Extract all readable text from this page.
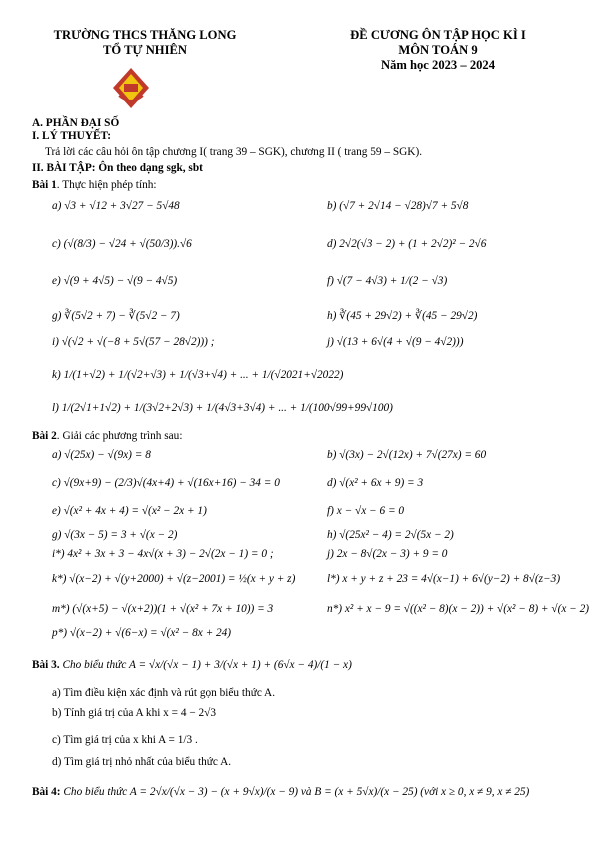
TRƯỜNG THCS THĂNG LONG
TỔ TỰ NHIÊN
ĐỀ CƯƠNG ÔN TẬP HỌC KÌ I
MÔN TOÁN 9
Năm học 2023 – 2024
A. PHẦN ĐẠI SỐ
I. LÝ THUYẾT:
Trả lời các câu hỏi ôn tập chương I( trang 39 – SGK), chương II ( trang 59 – SGK).
II. BÀI TẬP: Ôn theo dạng sgk, sbt
Bài 1. Thực hiện phép tính:
a) √3 + √12 + 3√27 − 5√48	b) (√7 + 2√14 − √28)√7 + 5√8
c) (√(8/3) − √24 + √(50/3)).√6	d) 2√2(√3 − 2) + (1 + 2√2)² − 2√6
e) √(9 + 4√5) − √(9 − 4√5)	f) √(7 − 4√3) + 1/(2 − √3)
g) ∛(5√2 + 7) − ∛(5√2 − 7)	h) ∛(45 + 29√2) + ∛(45 − 29√2)
i) √(√2 + √(−8 + 5√(57 − 28√2))) ;	j) √(13 + 6√(4 + √(9 − 4√2)))
k) 1/(1+√2) + 1/(√2+√3) + 1/(√3+√4) + ... + 1/(√2021+√2022)
l) 1/(2√1+1√2) + 1/(3√2+2√3) + 1/(4√3+3√4) + ... + 1/(100√99+99√100)
Bài 2. Giải các phương trình sau:
a) √(25x) − √(9x) = 8	b) √(3x) − 2√(12x) + 7√(27x) = 60
c) √(9x+9) − (2/3)√(4x+4) + √(16x+16) − 34 = 0	d) √(x² + 6x + 9) = 3
e) √(x² + 4x + 4) = √(x² − 2x + 1)	f) x − √x − 6 = 0
g) √(3x − 5) = 3 + √(x − 2)	h) √(25x² − 4) = 2√(5x − 2)
i*) 4x² + 3x + 3 − 4x√(x + 3) − 2√(2x − 1) = 0 ;	j) 2x − 8√(2x − 3) + 9 = 0
k*) √(x−2) + √(y+2000) + √(z−2001) = ½(x + y + z)	l*) x + y + z + 23 = 4√(x−1) + 6√(y−2) + 8√(z−3)
m*) (√(x+5) − √(x+2))(1 + √(x² + 7x + 10)) = 3	n*) x² + x − 9 = √((x² − 8)(x − 2)) + √(x² − 8) + √(x − 2)
p*) √(x−2) + √(6−x) = √(x² − 8x + 24)
Bài 3. Cho biểu thức A = √x/(√x − 1) + 3/(√x + 1) + (6√x − 4)/(1 − x)
a) Tìm điều kiện xác định và rút gọn biểu thức A.
b) Tính giá trị của A khi x = 4 − 2√3
c) Tìm giá trị của x khi A = 1/3 .
d) Tìm giá trị nhỏ nhất của biểu thức A.
Bài 4: Cho biểu thức A = 2√x/(√x − 3) − (x + 9√x)/(x − 9) và B = (x + 5√x)/(x − 25) (với x ≥ 0, x ≠ 9, x ≠ 25)
